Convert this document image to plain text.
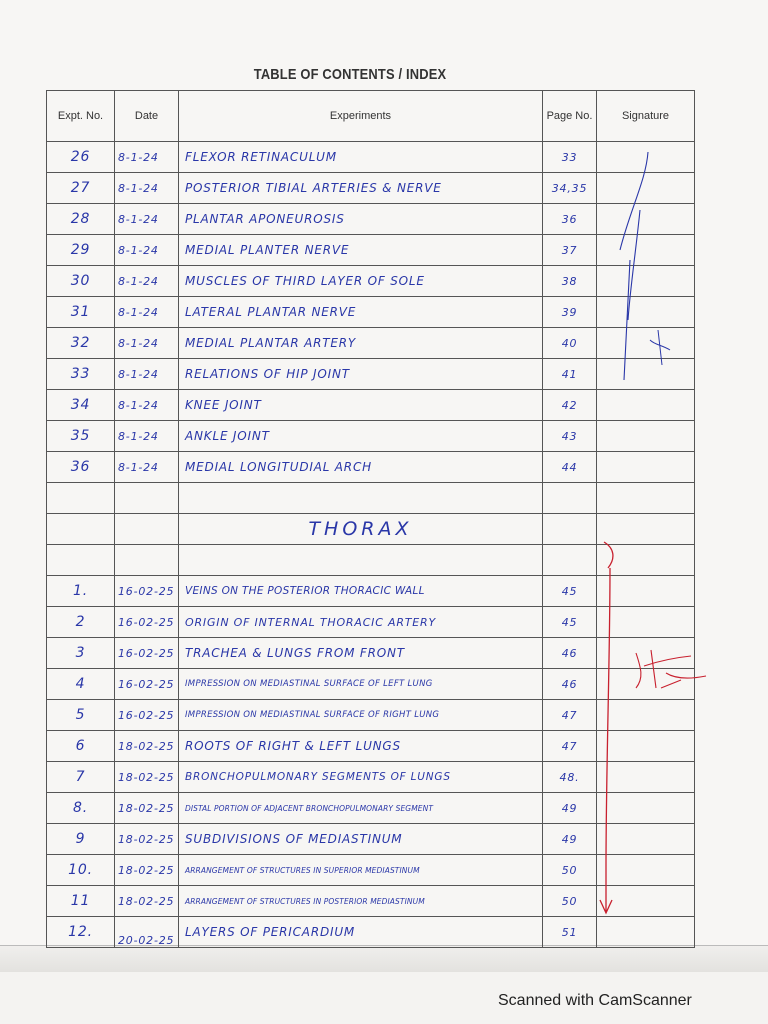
TABLE OF CONTENTS / INDEX
Expt. No.	Date	Experiments	Page No.	Signature
26	8-1-24	FLEXOR RETINACULUM	33	
27	8-1-24	POSTERIOR TIBIAL ARTERIES & NERVE	34,35	
28	8-1-24	PLANTAR APONEUROSIS	36	
29	8-1-24	MEDIAL PLANTER NERVE	37	
30	8-1-24	MUSCLES OF THIRD LAYER OF SOLE	38	
31	8-1-24	LATERAL PLANTAR NERVE	39	
32	8-1-24	MEDIAL PLANTAR ARTERY	40	
33	8-1-24	RELATIONS OF HIP JOINT	41	
34	8-1-24	KNEE JOINT	42	
35	8-1-24	ANKLE JOINT	43	
36	8-1-24	MEDIAL LONGITUDIAL ARCH	44	

		THORAX		

1.	16-02-25	VEINS ON THE POSTERIOR THORACIC WALL	45	
2	16-02-25	ORIGIN OF INTERNAL THORACIC ARTERY	45	
3	16-02-25	TRACHEA & LUNGS FROM FRONT	46	
4	16-02-25	IMPRESSION ON MEDIASTINAL SURFACE OF LEFT LUNG	46	
5	16-02-25	IMPRESSION ON MEDIASTINAL SURFACE OF RIGHT LUNG	47	
6	18-02-25	ROOTS OF RIGHT & LEFT LUNGS	47	
7	18-02-25	BRONCHOPULMONARY SEGMENTS OF LUNGS	48.	
8.	18-02-25	DISTAL PORTION OF ADJACENT BRONCHOPULMONARY SEGMENT	49	
9	18-02-25	SUBDIVISIONS OF MEDIASTINUM	49	
10.	18-02-25	ARRANGEMENT OF STRUCTURES IN SUPERIOR MEDIASTINUM	50	
11	18-02-25	ARRANGEMENT OF STRUCTURES IN POSTERIOR MEDIASTINUM	50	
12.	20-02-25	LAYERS OF PERICARDIUM	51	
Scanned with CamScanner
